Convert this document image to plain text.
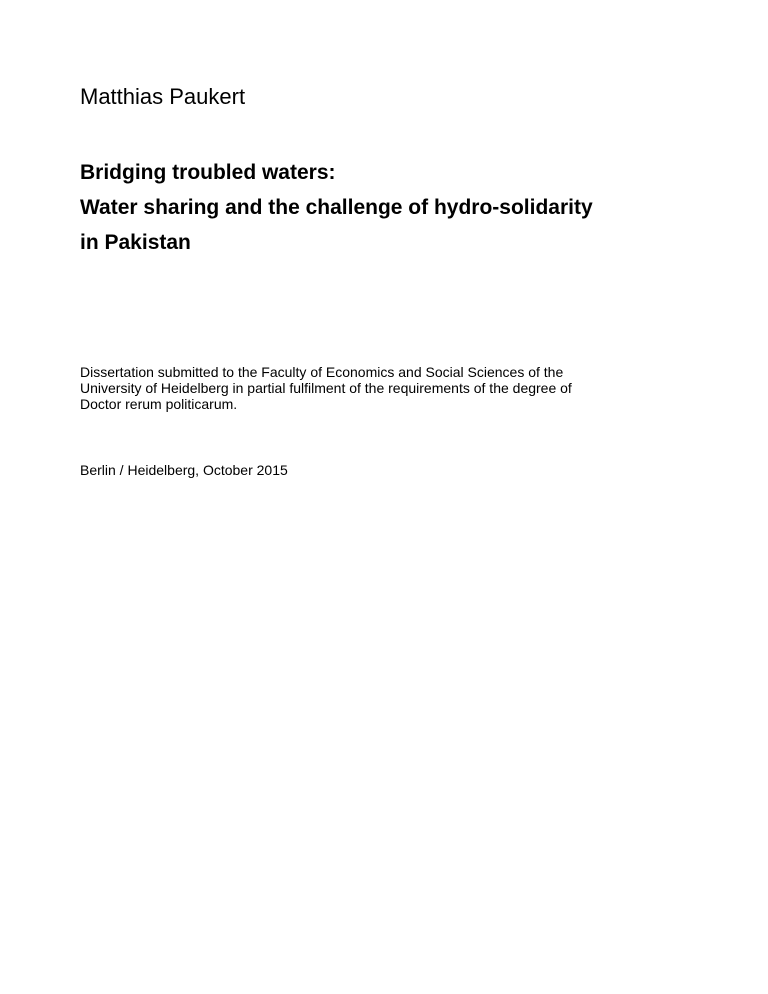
Matthias Paukert

Bridging troubled waters:
Water sharing and the challenge of hydro-solidarity
in Pakistan

Dissertation submitted to the Faculty of Economics and Social Sciences of the
University of Heidelberg in partial fulfilment of the requirements of the degree of
Doctor rerum politicarum.

Berlin / Heidelberg, October 2015
